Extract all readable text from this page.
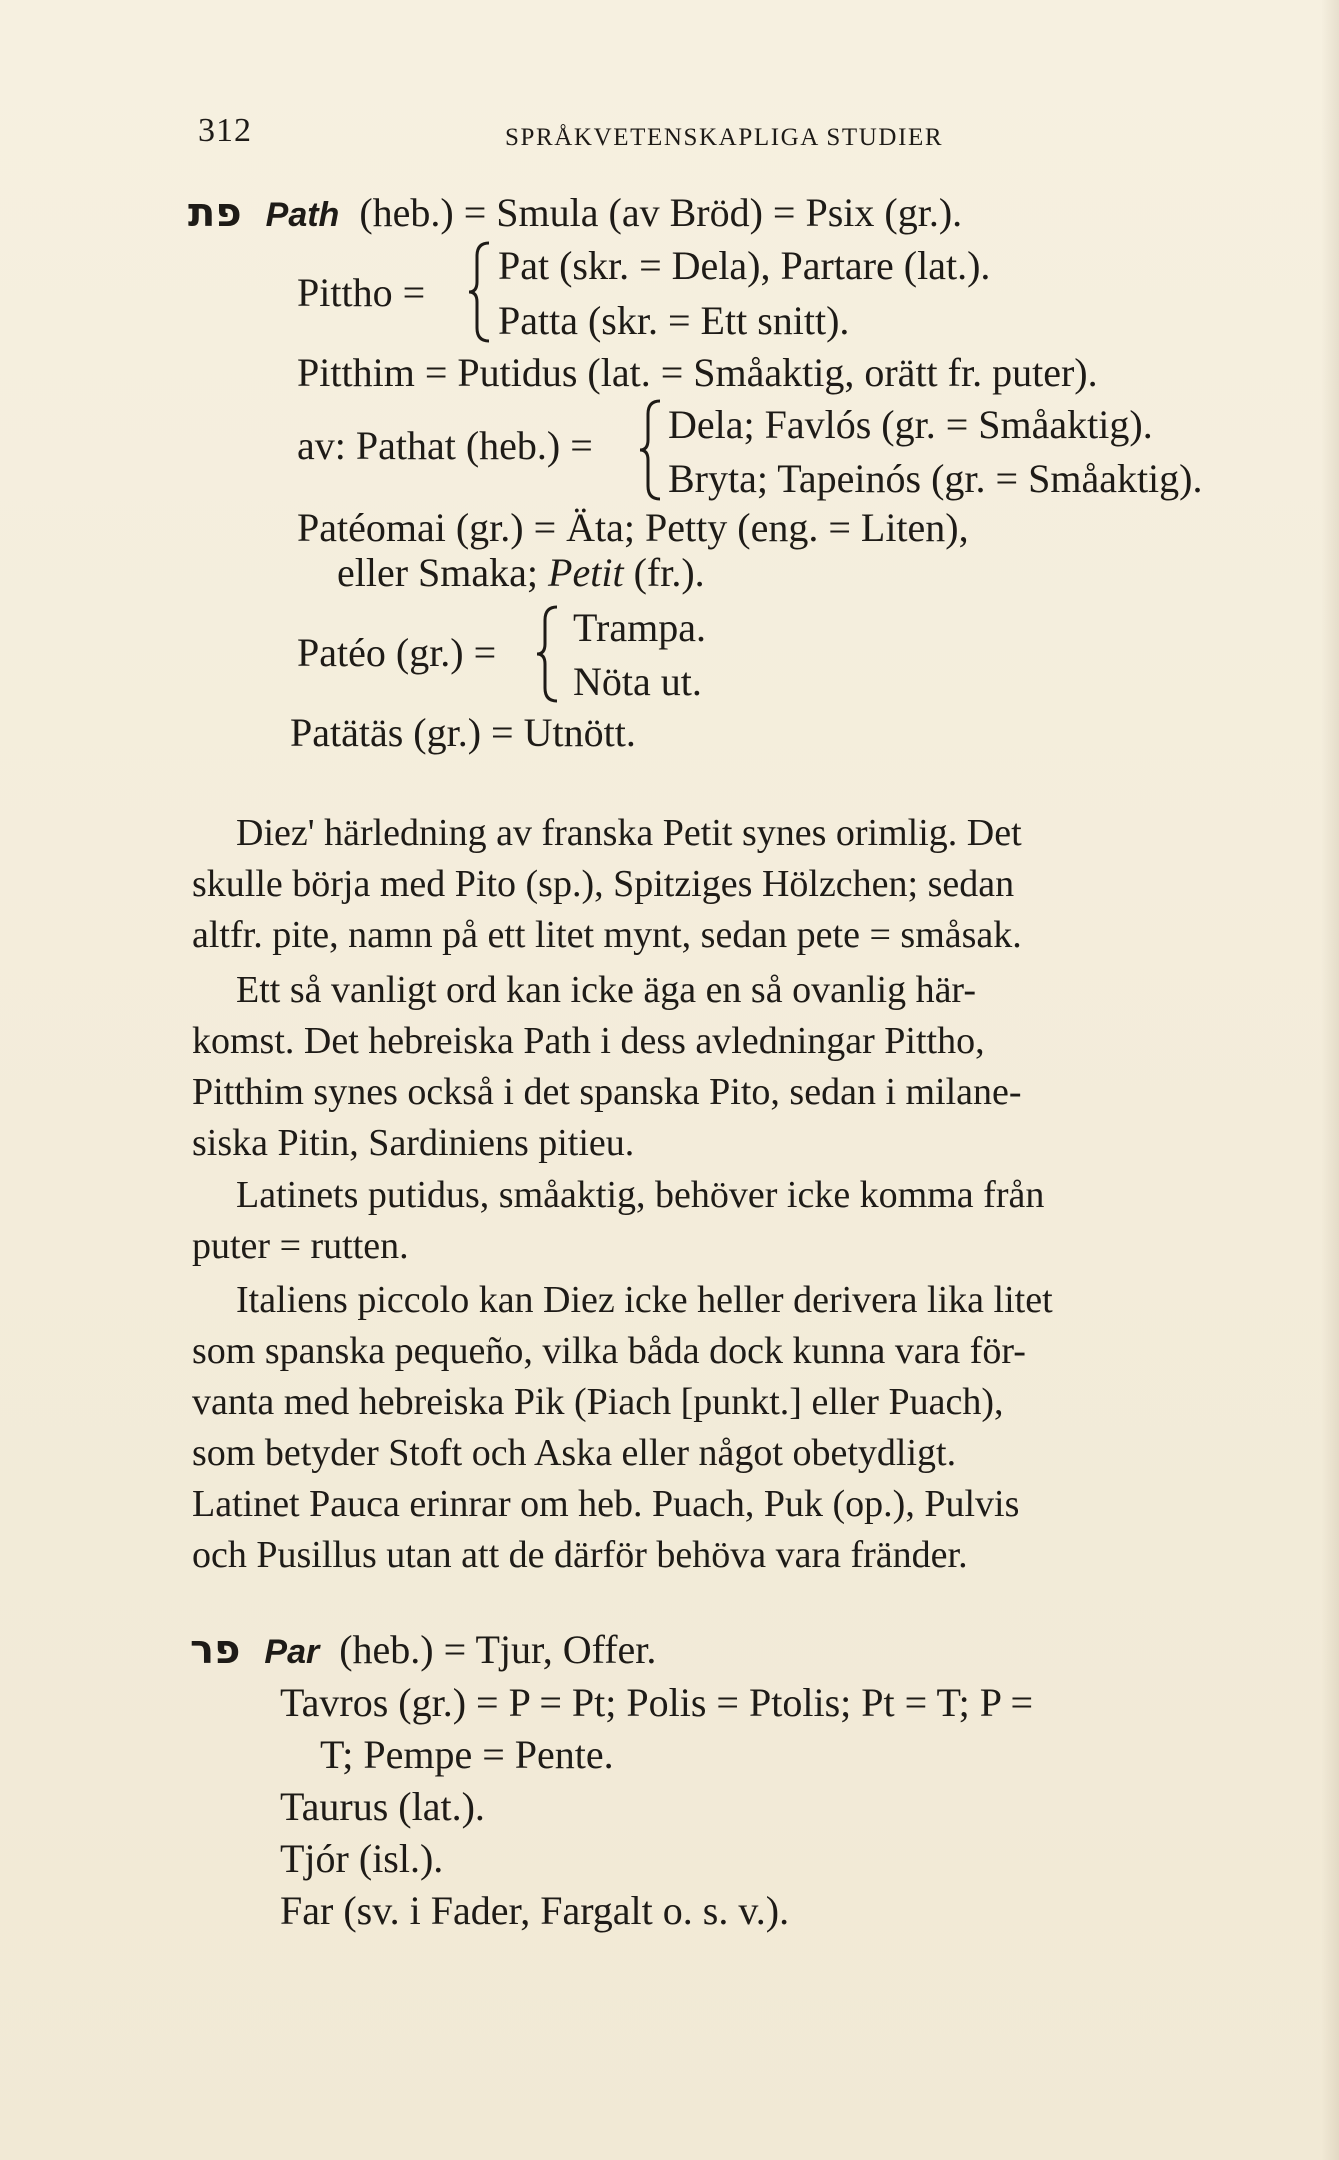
312	SPRÅKVETENSKAPLIGA STUDIER
פת Path (heb.) = Smula (av Bröd) = Psix (gr.).
Pittho =
Pat (skr. = Dela), Partare (lat.).
Patta (skr. = Ett snitt).
Pitthim = Putidus (lat. = Småaktig, orätt fr. puter).
av: Pathat (heb.) = Dela; Favlós (gr. = Småaktig).
Bryta; Tapeinós (gr. = Småaktig).
Patéomai (gr.) = Äta; Petty (eng. = Liten),
eller Smaka; Petit (fr.).
Patéo (gr.) =
Trampa.
Nöta ut.
Patätäs (gr.) = Utnött.
Diez' härledning av franska Petit synes orimlig. Det
skulle börja med Pito (sp.), Spitziges Hölzchen; sedan
altfr. pite, namn på ett litet mynt, sedan pete = småsak.
Ett så vanligt ord kan icke äga en så ovanlig här-
komst. Det hebreiska Path i dess avledningar Pittho,
Pitthim synes också i det spanska Pito, sedan i milane-
siska Pitin, Sardiniens pitieu.
Latinets putidus, småaktig, behöver icke komma från
puter = rutten.
Italiens piccolo kan Diez icke heller derivera lika litet
som spanska pequeño, vilka båda dock kunna vara för-
vanta med hebreiska Pik (Piach [punkt.] eller Puach),
som betyder Stoft och Aska eller något obetydligt.
Latinet Pauca erinrar om heb. Puach, Puk (op.), Pulvis
och Pusillus utan att de därför behöva vara fränder.
פר Par (heb.) = Tjur, Offer.
Tavros (gr.) = P = Pt; Polis = Ptolis; Pt = T; P =
T; Pempe = Pente.
Taurus (lat.).
Tjór (isl.).
Far (sv. i Fader, Fargalt o. s. v.).
